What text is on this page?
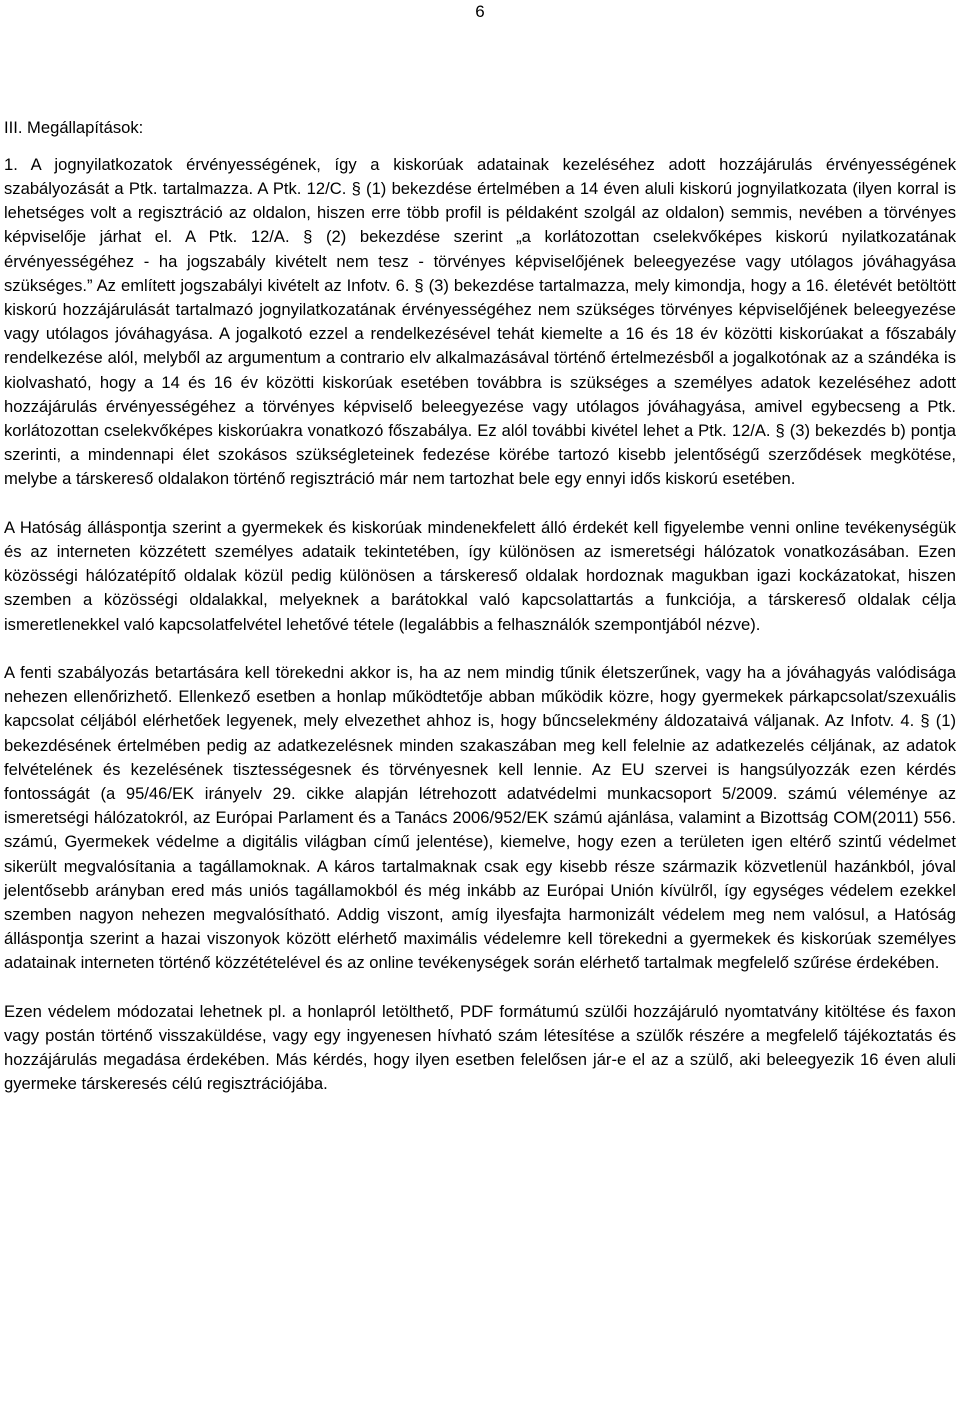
6

III. Megállapítások:

1. A jognyilatkozatok érvényességének, így a kiskorúak adatainak kezeléséhez adott hozzájárulás érvényességének szabályozását a Ptk. tartalmazza. A Ptk. 12/C. § (1) bekezdése értelmében a 14 éven aluli kiskorú jognyilatkozata (ilyen korral is lehetséges volt a regisztráció az oldalon, hiszen erre több profil is példaként szolgál az oldalon) semmis, nevében a törvényes képviselője járhat el. A Ptk. 12/A. § (2) bekezdése szerint „a korlátozottan cselekvőképes kiskorú nyilatkozatának érvényességéhez - ha jogszabály kivételt nem tesz - törvényes képviselőjének beleegyezése vagy utólagos jóváhagyása szükséges.” Az említett jogszabályi kivételt az Infotv. 6. § (3) bekezdése tartalmazza, mely kimondja, hogy a 16. életévét betöltött kiskorú hozzájárulását tartalmazó jognyilatkozatának érvényességéhez nem szükséges törvényes képviselőjének beleegyezése vagy utólagos jóváhagyása. A jogalkotó ezzel a rendelkezésével tehát kiemelte a 16 és 18 év közötti kiskorúakat a főszabály rendelkezése alól, melyből az argumentum a contrario elv alkalmazásával történő értelmezésből a jogalkotónak az a szándéka is kiolvasható, hogy a 14 és 16 év közötti kiskorúak esetében továbbra is szükséges a személyes adatok kezeléséhez adott hozzájárulás érvényességéhez a törvényes képviselő beleegyezése vagy utólagos jóváhagyása, amivel egybecseng a Ptk. korlátozottan cselekvőképes kiskorúakra vonatkozó főszabálya. Ez alól további kivétel lehet a Ptk. 12/A. § (3) bekezdés b) pontja szerinti, a mindennapi élet szokásos szükségleteinek fedezése körébe tartozó kisebb jelentőségű szerződések megkötése, melybe a társkereső oldalakon történő regisztráció már nem tartozhat bele egy ennyi idős kiskorú esetében.

A Hatóság álláspontja szerint a gyermekek és kiskorúak mindenekfelett álló érdekét kell figyelembe venni online tevékenységük és az interneten közzétett személyes adataik tekintetében, így különösen az ismeretségi hálózatok vonatkozásában. Ezen közösségi hálózatépítő oldalak közül pedig különösen a társkereső oldalak hordoznak magukban igazi kockázatokat, hiszen szemben a közösségi oldalakkal, melyeknek a barátokkal való kapcsolattartás a funkciója, a társkereső oldalak célja ismeretlenekkel való kapcsolatfelvétel lehetővé tétele (legalábbis a felhasználók szempontjából nézve).

A fenti szabályozás betartására kell törekedni akkor is, ha az nem mindig tűnik életszerűnek, vagy ha a jóváhagyás valódisága nehezen ellenőrizhető. Ellenkező esetben a honlap működtetője abban működik közre, hogy gyermekek párkapcsolat/szexuális kapcsolat céljából elérhetőek legyenek, mely elvezethet ahhoz is, hogy bűncselekmény áldozataivá váljanak. Az Infotv. 4. § (1) bekezdésének értelmében pedig az adatkezelésnek minden szakaszában meg kell felelnie az adatkezelés céljának, az adatok felvételének és kezelésének tisztességesnek és törvényesnek kell lennie. Az EU szervei is hangsúlyozzák ezen kérdés fontosságát (a 95/46/EK irányelv 29. cikke alapján létrehozott adatvédelmi munkacsoport 5/2009. számú véleménye az ismeretségi hálózatokról, az Európai Parlament és a Tanács 2006/952/EK számú ajánlása, valamint a Bizottság COM(2011) 556. számú, Gyermekek védelme a digitális világban című jelentése), kiemelve, hogy ezen a területen igen eltérő szintű védelmet sikerült megvalósítania a tagállamoknak. A káros tartalmaknak csak egy kisebb része származik közvetlenül hazánkból, jóval jelentősebb arányban ered más uniós tagállamokból és még inkább az Európai Unión kívülről, így egységes védelem ezekkel szemben nagyon nehezen megvalósítható. Addig viszont, amíg ilyesfajta harmonizált védelem meg nem valósul, a Hatóság álláspontja szerint a hazai viszonyok között elérhető maximális védelemre kell törekedni a gyermekek és kiskorúak személyes adatainak interneten történő közzétételével és az online tevékenységek során elérhető tartalmak megfelelő szűrése érdekében.

Ezen védelem módozatai lehetnek pl. a honlapról letölthető, PDF formátumú szülői hozzájáruló nyomtatvány kitöltése és faxon vagy postán történő visszaküldése, vagy egy ingyenesen hívható szám létesítése a szülők részére a megfelelő tájékoztatás és hozzájárulás megadása érdekében. Más kérdés, hogy ilyen esetben felelősen jár-e el az a szülő, aki beleegyezik 16 éven aluli gyermeke társkeresés célú regisztrációjába.
